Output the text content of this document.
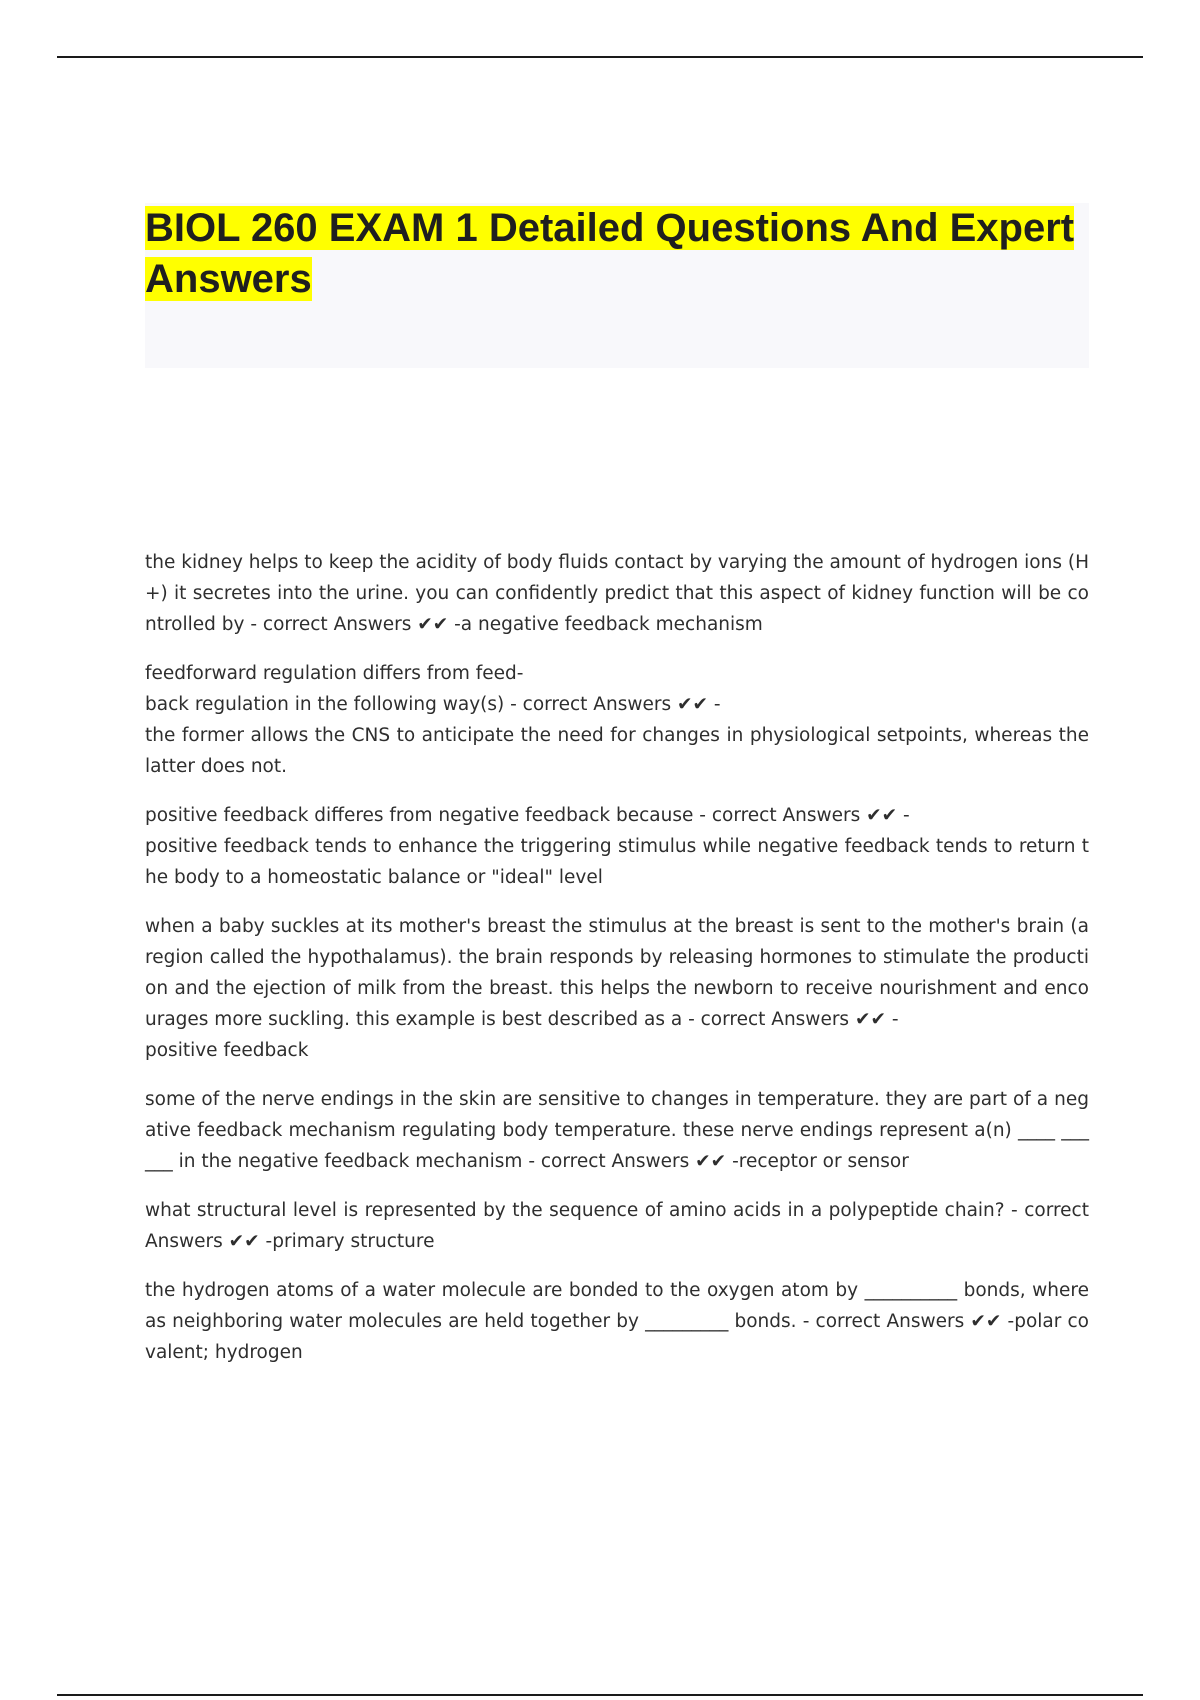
BIOL 260 EXAM 1 Detailed Questions And Expert Answers

the kidney helps to keep the acidity of body fluids contact by varying the amount of hydrogen ions (H+) it secretes into the urine. you can confidently predict that this aspect of kidney function will be controlled by - correct Answers ✔✔ -a negative feedback mechanism

feedforward regulation differs from feed-
back regulation in the following way(s) - correct Answers ✔✔ -
the former allows the CNS to anticipate the need for changes in physiological setpoints, whereas the latter does not.

positive feedback differes from negative feedback because - correct Answers ✔✔ -
positive feedback tends to enhance the triggering stimulus while negative feedback tends to return the body to a homeostatic balance or "ideal" level

when a baby suckles at its mother's breast the stimulus at the breast is sent to the mother's brain (a region called the hypothalamus). the brain responds by releasing hormones to stimulate the production and the ejection of milk from the breast. this helps the newborn to receive nourishment and encourages more suckling. this example is best described as a - correct Answers ✔✔ -
positive feedback

some of the nerve endings in the skin are sensitive to changes in temperature. they are part of a negative feedback mechanism regulating body temperature. these nerve endings represent a(n) ____ ______ in the negative feedback mechanism - correct Answers ✔✔ -receptor or sensor

what structural level is represented by the sequence of amino acids in a polypeptide chain? - correct Answers ✔✔ -primary structure

the hydrogen atoms of a water molecule are bonded to the oxygen atom by __________ bonds, whereas neighboring water molecules are held together by _________ bonds. - correct Answers ✔✔ -polar covalent; hydrogen
